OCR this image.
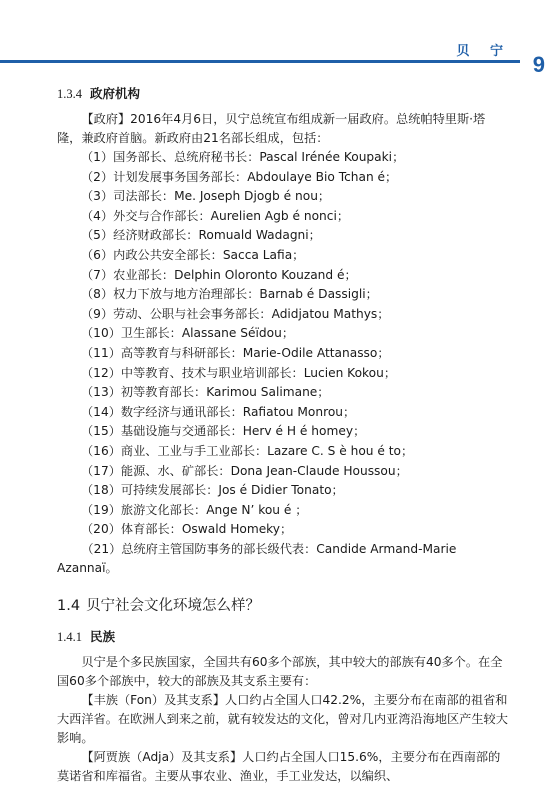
贝 宁
9
1.3.4 政府机构

【政府】2016年4月6日，贝宁总统宣布组成新一届政府。总统帕特里斯·塔隆，兼政府首脑。新政府由21名部长组成，包括：

（1）国务部长、总统府秘书长：Pascal Irénée Koupaki；
（2）计划发展事务国务部长：Abdoulaye Bio Tchan é；
（3）司法部长：Me. Joseph Djogb é nou；
（4）外交与合作部长：Aurelien Agb é nonci；
（5）经济财政部长：Romuald Wadagni；
（6）内政公共安全部长：Sacca Lafia；
（7）农业部长：Delphin Oloronto Kouzand é；
（8）权力下放与地方治理部长：Barnab é Dassigli；
（9）劳动、公职与社会事务部长：Adidjatou Mathys；
（10）卫生部长：Alassane Séïdou；
（11）高等教育与科研部长：Marie-Odile Attanasso；
（12）中等教育、技术与职业培训部长：Lucien Kokou；
（13）初等教育部长：Karimou Salimane；
（14）数字经济与通讯部长：Rafiatou Monrou；
（15）基础设施与交通部长：Herv é H é homey；
（16）商业、工业与手工业部长：Lazare C. S è hou é to；
（17）能源、水、矿部长：Dona Jean-Claude Houssou；
（18）可持续发展部长：Jos é Didier Tonato；
（19）旅游文化部长：Ange N’ kou é ；
（20）体育部长：Oswald Homeky；

（21）总统府主管国防事务的部长级代表：Candide Armand-Marie Azannaï。

1.4 贝宁社会文化环境怎么样？
1.4.1 民族

贝宁是个多民族国家，全国共有60多个部族，其中较大的部族有40多个。在全国60多个部族中，较大的部族及其支系主要有：

【丰族（Fon）及其支系】人口约占全国人口42.2%，主要分布在南部的祖省和大西洋省。在欧洲人到来之前，就有较发达的文化，曾对几内亚湾沿海地区产生较大影响。

【阿贾族（Adja）及其支系】人口约占全国人口15.6%，主要分布在西南部的莫诺省和库福省。主要从事农业、渔业，手工业发达，以编织、
